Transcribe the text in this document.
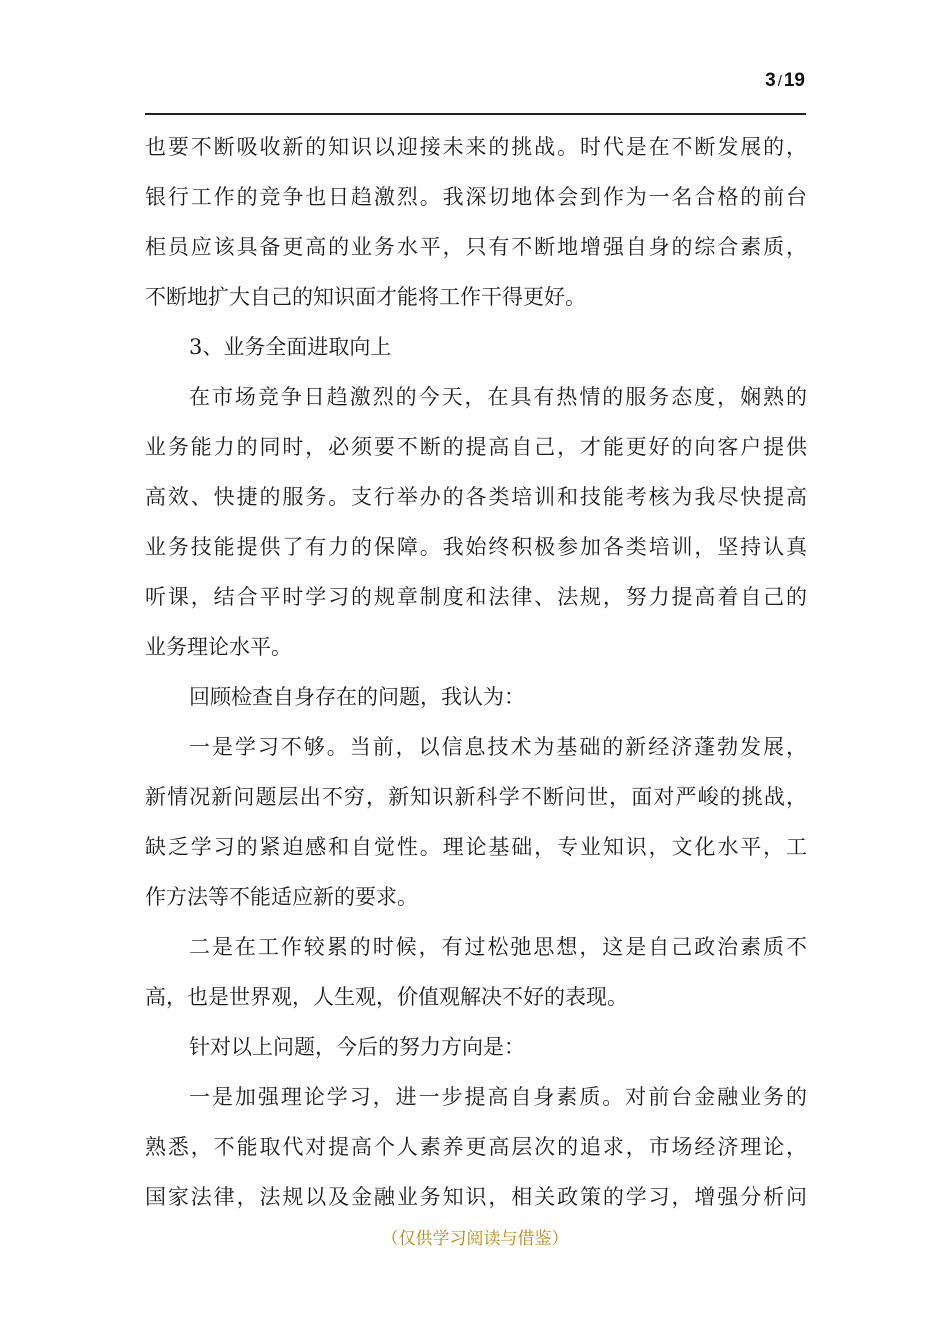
3 / 19
也要不断吸收新的知识以迎接未来的挑战。时代是在不断发展的，
银行工作的竞争也日趋激烈。我深切地体会到作为一名合格的前台
柜员应该具备更高的业务水平，只有不断地增强自身的综合素质，
不断地扩大自己的知识面才能将工作干得更好。
3、业务全面进取向上
在市场竞争日趋激烈的今天，在具有热情的服务态度，娴熟的
业务能力的同时，必须要不断的提高自己，才能更好的向客户提供
高效、快捷的服务。支行举办的各类培训和技能考核为我尽快提高
业务技能提供了有力的保障。我始终积极参加各类培训，坚持认真
听课，结合平时学习的规章制度和法律、法规，努力提高着自己的
业务理论水平。
回顾检查自身存在的问题，我认为：
一是学习不够。当前，以信息技术为基础的新经济蓬勃发展，
新情况新问题层出不穷，新知识新科学不断问世，面对严峻的挑战，
缺乏学习的紧迫感和自觉性。理论基础，专业知识，文化水平，工
作方法等不能适应新的要求。
二是在工作较累的时候，有过松弛思想，这是自己政治素质不
高，也是世界观，人生观，价值观解决不好的表现。
针对以上问题，今后的努力方向是：
一是加强理论学习，进一步提高自身素质。对前台金融业务的
熟悉，不能取代对提高个人素养更高层次的追求，市场经济理论，
国家法律，法规以及金融业务知识，相关政策的学习，增强分析问
（仅供学习阅读与借鉴）
